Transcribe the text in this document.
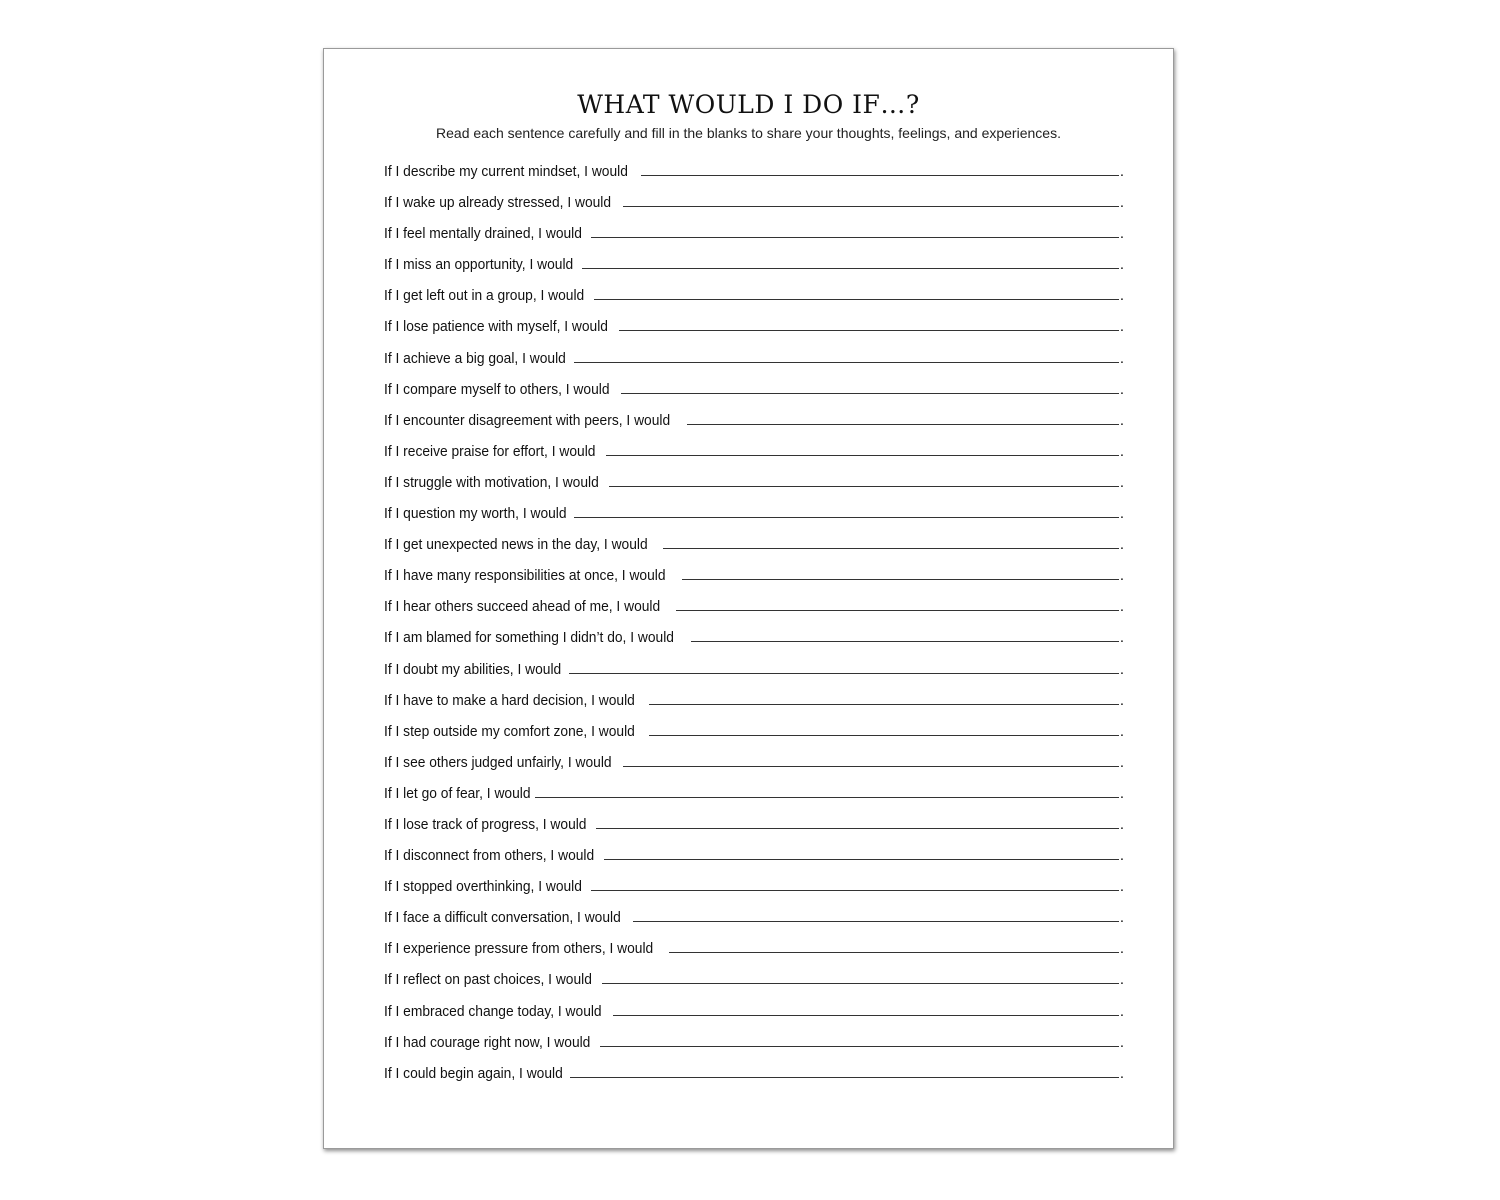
WHAT WOULD I DO IF…?

Read each sentence carefully and fill in the blanks to share your thoughts, feelings, and experiences.

If I describe my current mindset, I would	.
If I wake up already stressed, I would	.
If I feel mentally drained, I would	.
If I miss an opportunity, I would	.
If I get left out in a group, I would	.
If I lose patience with myself, I would	.
If I achieve a big goal, I would	.
If I compare myself to others, I would	.
If I encounter disagreement with peers, I would	.
If I receive praise for effort, I would	.
If I struggle with motivation, I would	.
If I question my worth, I would	.
If I get unexpected news in the day, I would	.
If I have many responsibilities at once, I would	.
If I hear others succeed ahead of me, I would	.
If I am blamed for something I didn’t do, I would	.
If I doubt my abilities, I would	.
If I have to make a hard decision, I would	.
If I step outside my comfort zone, I would	.
If I see others judged unfairly, I would	.
If I let go of fear, I would	.
If I lose track of progress, I would	.
If I disconnect from others, I would	.
If I stopped overthinking, I would	.
If I face a difficult conversation, I would	.
If I experience pressure from others, I would	.
If I reflect on past choices, I would	.
If I embraced change today, I would	.
If I had courage right now, I would	.
If I could begin again, I would	.
